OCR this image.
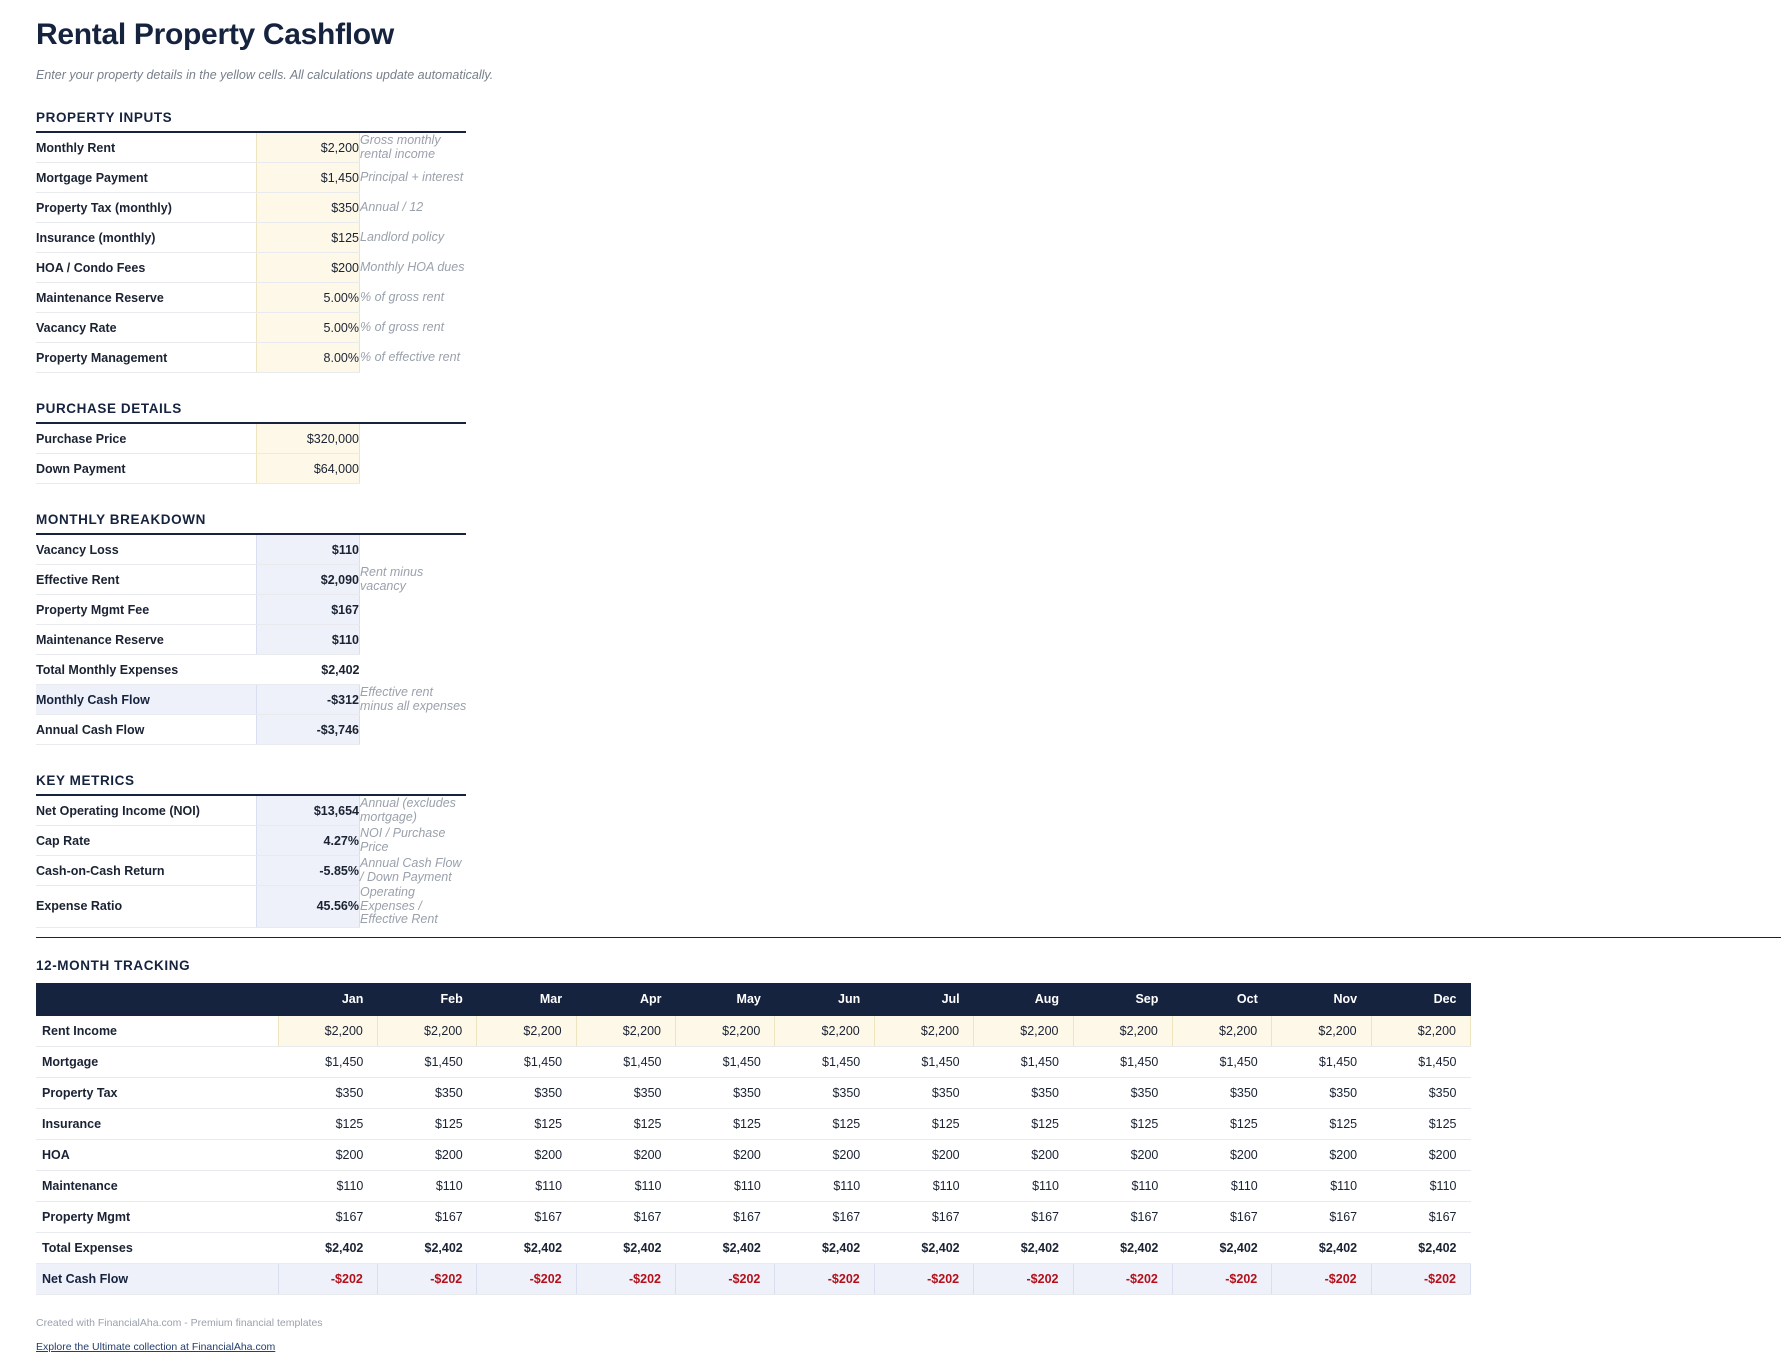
Rental Property Cashflow

Enter your property details in the yellow cells. All calculations update automatically.

PROPERTY INPUTS
Monthly Rent	$2,200	Gross monthly rental income
Mortgage Payment	$1,450	Principal + interest
Property Tax (monthly)	$350	Annual / 12
Insurance (monthly)	$125	Landlord policy
HOA / Condo Fees	$200	Monthly HOA dues
Maintenance Reserve	5.00%	% of gross rent
Vacancy Rate	5.00%	% of gross rent
Property Management	8.00%	% of effective rent
PURCHASE DETAILS
Purchase Price	$320,000	
Down Payment	$64,000	
MONTHLY BREAKDOWN
Vacancy Loss	$110	
Effective Rent	$2,090	Rent minus vacancy
Property Mgmt Fee	$167	
Maintenance Reserve	$110	
Total Monthly Expenses	$2,402	
Monthly Cash Flow	-$312	Effective rent minus all expenses
Annual Cash Flow	-$3,746	
KEY METRICS
Net Operating Income (NOI)	$13,654	Annual (excludes mortgage)
Cap Rate	4.27%	NOI / Purchase Price
Cash-on-Cash Return	-5.85%	Annual Cash Flow / Down Payment
Expense Ratio	45.56%	Operating Expenses / Effective Rent
12-MONTH TRACKING
	Jan	Feb	Mar	Apr	May	Jun	Jul	Aug	Sep	Oct	Nov	Dec
Rent Income	$2,200	$2,200	$2,200	$2,200	$2,200	$2,200	$2,200	$2,200	$2,200	$2,200	$2,200	$2,200
Mortgage	$1,450	$1,450	$1,450	$1,450	$1,450	$1,450	$1,450	$1,450	$1,450	$1,450	$1,450	$1,450
Property Tax	$350	$350	$350	$350	$350	$350	$350	$350	$350	$350	$350	$350
Insurance	$125	$125	$125	$125	$125	$125	$125	$125	$125	$125	$125	$125
HOA	$200	$200	$200	$200	$200	$200	$200	$200	$200	$200	$200	$200
Maintenance	$110	$110	$110	$110	$110	$110	$110	$110	$110	$110	$110	$110
Property Mgmt	$167	$167	$167	$167	$167	$167	$167	$167	$167	$167	$167	$167
Total Expenses	$2,402	$2,402	$2,402	$2,402	$2,402	$2,402	$2,402	$2,402	$2,402	$2,402	$2,402	$2,402
Net Cash Flow	-$202	-$202	-$202	-$202	-$202	-$202	-$202	-$202	-$202	-$202	-$202	-$202
Created with FinancialAha.com - Premium financial templates
Explore the Ultimate collection at FinancialAha.com
